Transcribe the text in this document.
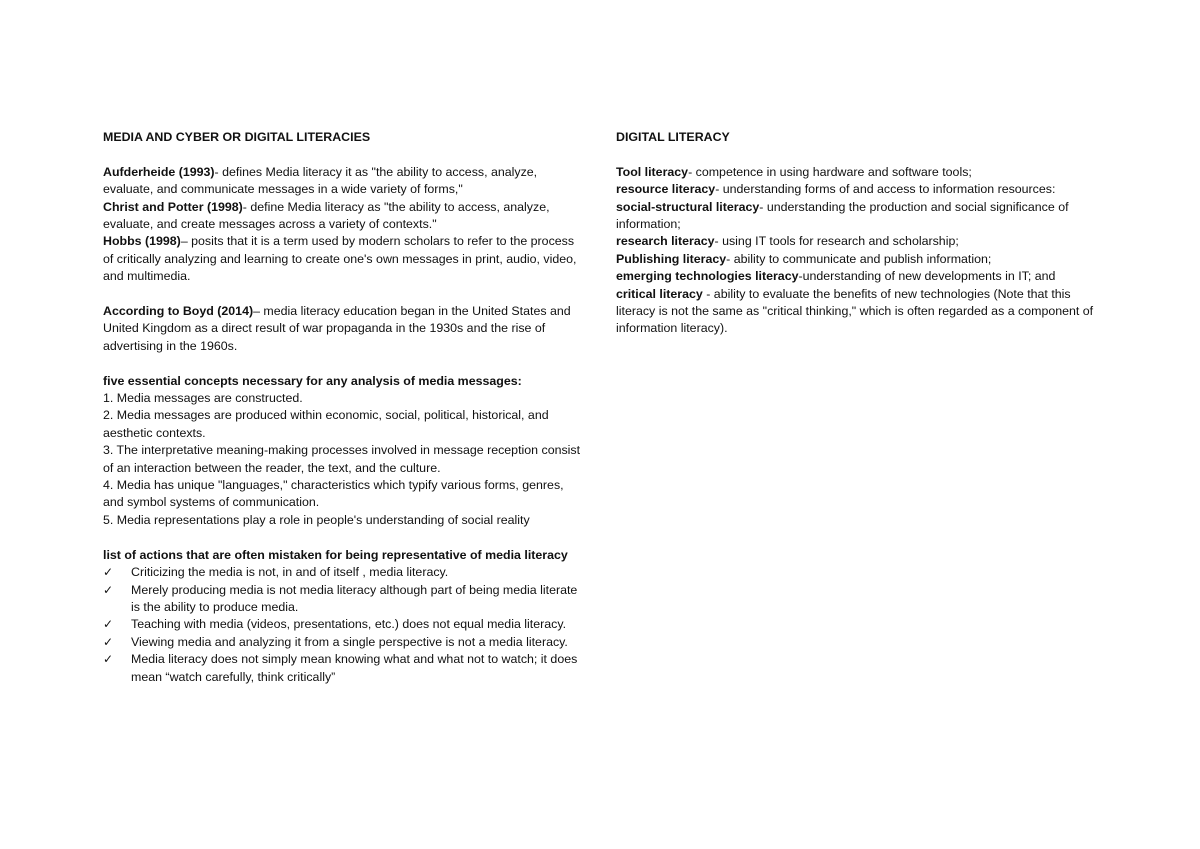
MEDIA AND CYBER OR DIGITAL LITERACIES

Aufderheide (1993)- defines Media literacy it as "the ability to access, analyze, evaluate, and communicate messages in a wide variety of forms,"

Christ and Potter (1998)- define Media literacy as "the ability to access, analyze, evaluate, and create messages across a variety of contexts."

Hobbs (1998)– posits that it is a term used by modern scholars to refer to the process of critically analyzing and learning to create one's own messages in print, audio, video, and multimedia.

According to Boyd (2014)– media literacy education began in the United States and United Kingdom as a direct result of war propaganda in the 1930s and the rise of advertising in the 1960s.

five essential concepts necessary for any analysis of media messages:

1. Media messages are constructed.

2. Media messages are produced within economic, social, political, historical, and aesthetic contexts.

3. The interpretative meaning-making processes involved in message reception consist of an interaction between the reader, the text, and the culture.

4. Media has unique "languages," characteristics which typify various forms, genres, and symbol systems of communication.

5. Media representations play a role in people's understanding of social reality

list of actions that are often mistaken for being representative of media literacy

✓	Criticizing the media is not, in and of itself , media literacy.
✓	Merely producing media is not media literacy although part of being media literate is the ability to produce media.
✓	Teaching with media (videos, presentations, etc.) does not equal media literacy.
✓	Viewing media and analyzing it from a single perspective is not a media literacy.
✓	Media literacy does not simply mean knowing what and what not to watch; it does mean “watch carefully, think critically”

DIGITAL LITERACY

Tool literacy- competence in using hardware and software tools;

resource literacy- understanding forms of and access to information resources:

social-structural literacy- understanding the production and social significance of information;

research literacy- using IT tools for research and scholarship;

Publishing literacy- ability to communicate and publish information;

emerging technologies literacy-understanding of new developments in IT; and

critical literacy - ability to evaluate the benefits of new technologies (Note that this literacy is not the same as "critical thinking," which is often regarded as a component of information literacy).
